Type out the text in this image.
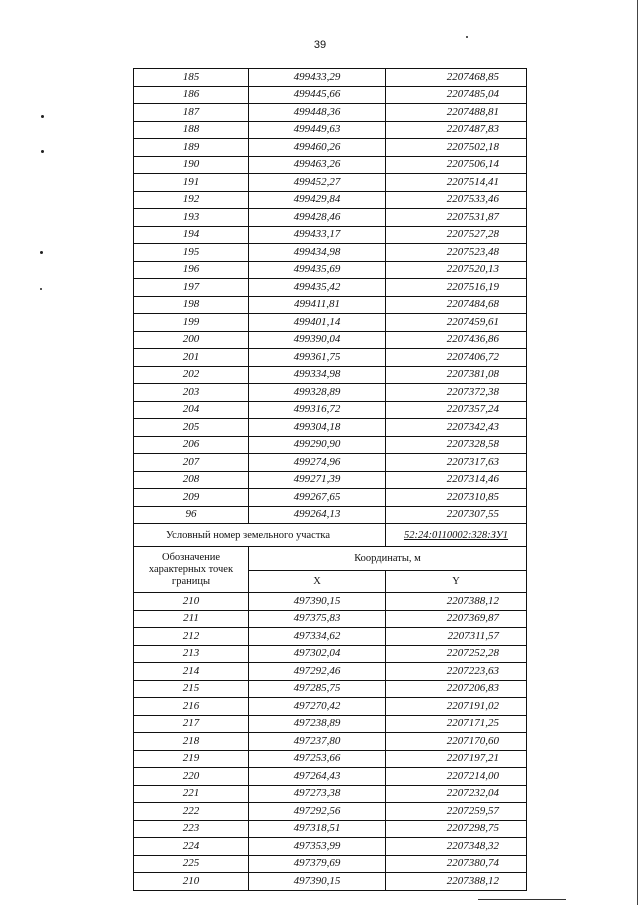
39
185	499433,29	2207468,85
186	499445,66	2207485,04
187	499448,36	2207488,81
188	499449,63	2207487,83
189	499460,26	2207502,18
190	499463,26	2207506,14
191	499452,27	2207514,41
192	499429,84	2207533,46
193	499428,46	2207531,87
194	499433,17	2207527,28
195	499434,98	2207523,48
196	499435,69	2207520,13
197	499435,42	2207516,19
198	499411,81	2207484,68
199	499401,14	2207459,61
200	499390,04	2207436,86
201	499361,75	2207406,72
202	499334,98	2207381,08
203	499328,89	2207372,38
204	499316,72	2207357,24
205	499304,18	2207342,43
206	499290,90	2207328,58
207	499274,96	2207317,63
208	499271,39	2207314,46
209	499267,65	2207310,85
96	499264,13	2207307,55
Условный номер земельного участка		52:24:0110002:328:ЗУ1
Обозначение характерных точек границы	Координаты, м	
	X	Y
210	497390,15	2207388,12
211	497375,83	2207369,87
212	497334,62	2207311,57
213	497302,04	2207252,28
214	497292,46	2207223,63
215	497285,75	2207206,83
216	497270,42	2207191,02
217	497238,89	2207171,25
218	497237,80	2207170,60
219	497253,66	2207197,21
220	497264,43	2207214,00
221	497273,38	2207232,04
222	497292,56	2207259,57
223	497318,51	2207298,75
224	497353,99	2207348,32
225	497379,69	2207380,74
210	497390,15	2207388,12
